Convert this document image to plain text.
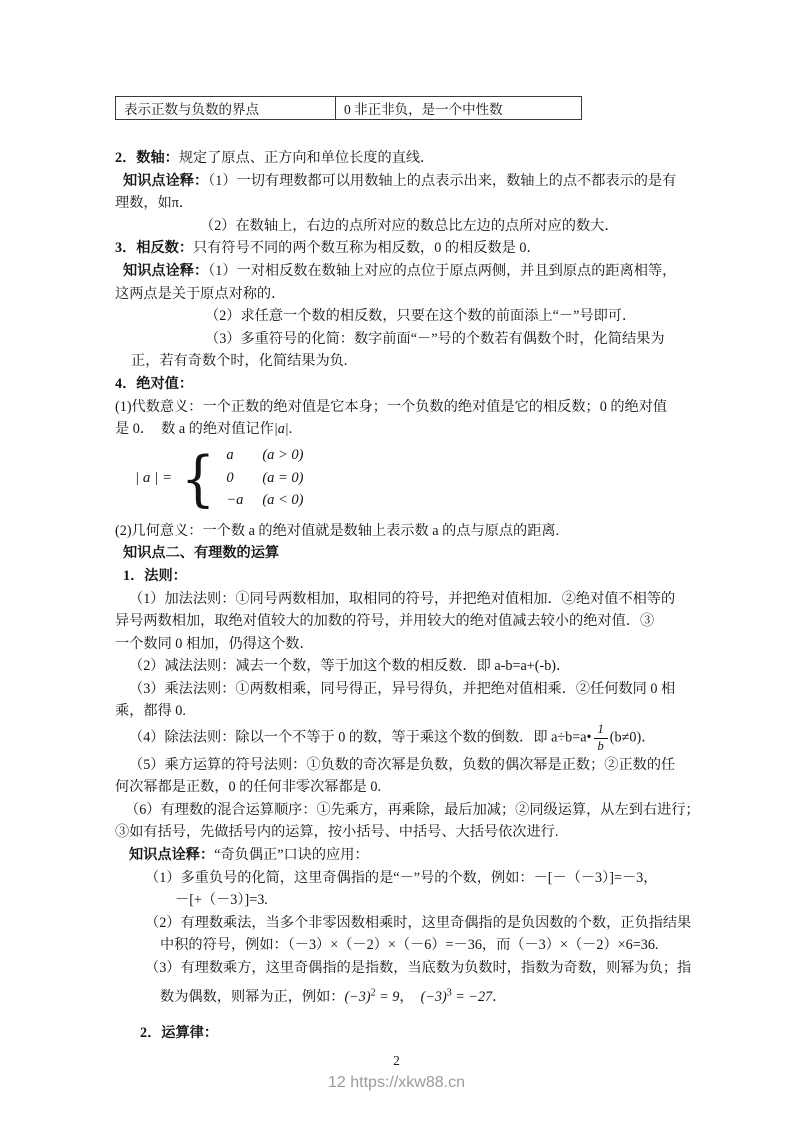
表示正数与负数的界点	0 非正非负，是一个中性数
2．数轴：规定了原点、正方向和单位长度的直线．
知识点诠释：（1）一切有理数都可以用数轴上的点表示出来，数轴上的点不都表示的是有
理数，如π．
（2）在数轴上，右边的点所对应的数总比左边的点所对应的数大．
3．相反数：只有符号不同的两个数互称为相反数，0 的相反数是 0．
知识点诠释：（1）一对相反数在数轴上对应的点位于原点两侧，并且到原点的距离相等，
这两点是关于原点对称的．
（2）求任意一个数的相反数，只要在这个数的前面添上“－”号即可．
（3）多重符号的化简：数字前面“－”号的个数若有偶数个时，化简结果为
正，若有奇数个时，化简结果为负.
4．绝对值：
(1)代数意义：一个正数的绝对值是它本身；一个负数的绝对值是它的相反数；0 的绝对值
是 0．　数 a 的绝对值记作|a|.
| a | = { a	(a > 0)
0	(a = 0)
−a	(a < 0)
(2)几何意义：一个数 a 的绝对值就是数轴上表示数 a 的点与原点的距离.
知识点二、有理数的运算
1．法则：
（1）加法法则：①同号两数相加，取相同的符号，并把绝对值相加．②绝对值不相等的
异号两数相加，取绝对值较大的加数的符号，并用较大的绝对值减去较小的绝对值．③
一个数同 0 相加，仍得这个数．
（2）减法法则：减去一个数，等于加这个数的相反数．即 a-b=a+(-b)．
（3）乘法法则：①两数相乘，同号得正，异号得负，并把绝对值相乘．②任何数同 0 相
乘，都得 0.
（4）除法法则：除以一个不等于 0 的数，等于乘这个数的倒数．即 a÷b=a• $\frac{1}{b} (b\ne 0)$．
（5）乘方运算的符号法则：①负数的奇次幂是负数，负数的偶次幂是正数；②正数的任
何次幂都是正数，0 的任何非零次幂都是 0.
（6）有理数的混合运算顺序：①先乘方，再乘除，最后加减；②同级运算，从左到右进行；
③如有括号，先做括号内的运算，按小括号、中括号、大括号依次进行.
知识点诠释：“奇负偶正”口诀的应用：
（1）多重负号的化简，这里奇偶指的是“－”号的个数，例如：－[－（－3）]=－3，
－[+（－3）]=3.
（2）有理数乘法，当多个非零因数相乘时，这里奇偶指的是负因数的个数，正负指结果
中积的符号，例如：（－3）×（－2）×（－6）=－36，而（－3）×（－2）×6=36.
（3）有理数乘方，这里奇偶指的是指数，当底数为负数时，指数为奇数，则幂为负；指
数为偶数，则幂为正，例如：$(-3)^2 = 9$，　$(-3)^3 = -27$．
2．运算律：
2
12 https://xkw88.cn
